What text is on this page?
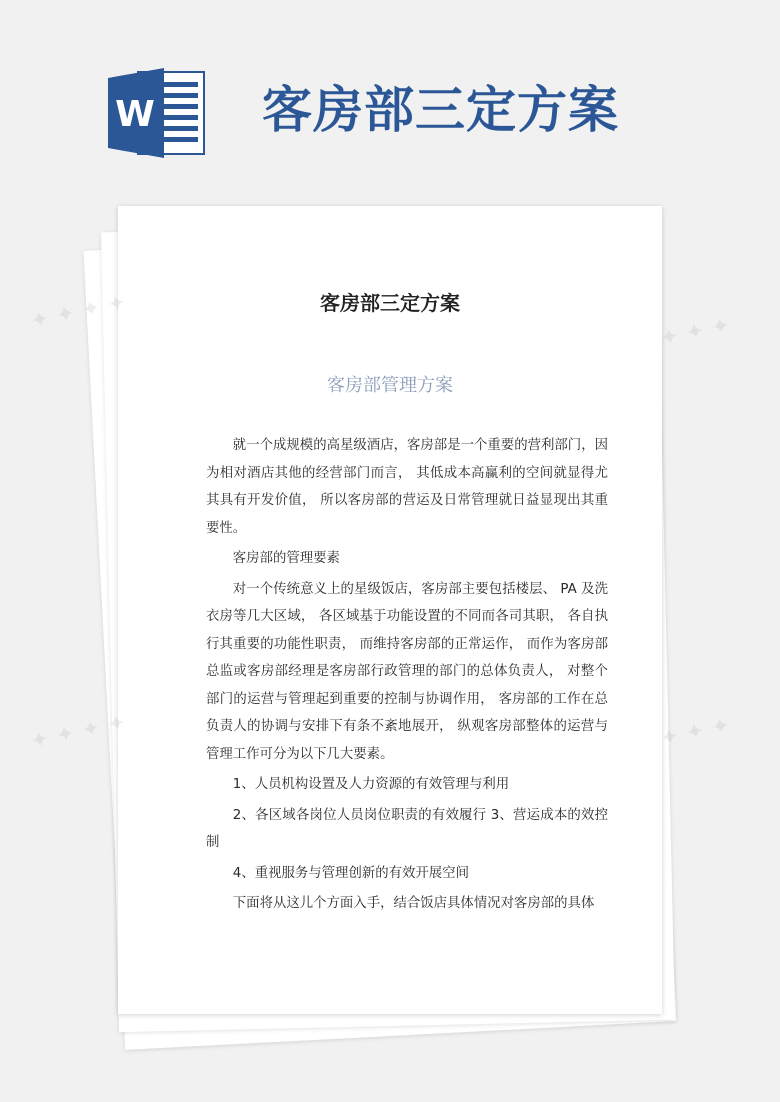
W 客房部三定方案
客房部三定方案
客房部管理方案

就一个成规模的高星级酒店，客房部是一个重要的营利部门，因为相对酒店其他的经营部门而言， 其低成本高赢利的空间就显得尤其具有开发价值， 所以客房部的营运及日常管理就日益显现出其重要性。

客房部的管理要素

对一个传统意义上的星级饭店，客房部主要包括楼层、 PA 及洗衣房等几大区域， 各区域基于功能设置的不同而各司其职， 各自执行其重要的功能性职责， 而维持客房部的正常运作， 而作为客房部总监或客房部经理是客房部行政管理的部门的总体负责人， 对整个部门的运营与管理起到重要的控制与协调作用， 客房部的工作在总负责人的协调与安排下有条不紊地展开， 纵观客房部整体的运营与管理工作可分为以下几大要素。

1、人员机构设置及人力资源的有效管理与利用

2、各区域各岗位人员岗位职责的有效履行 3、营运成本的效控制

4、重视服务与管理创新的有效开展空间

下面将从这儿个方面入手，结合饭店具体情况对客房部的具体

✦ ✦ ✦ ✦	✦ ✦ ✦
✦ ✦ ✦ ✦	✦ ✦ ✦
